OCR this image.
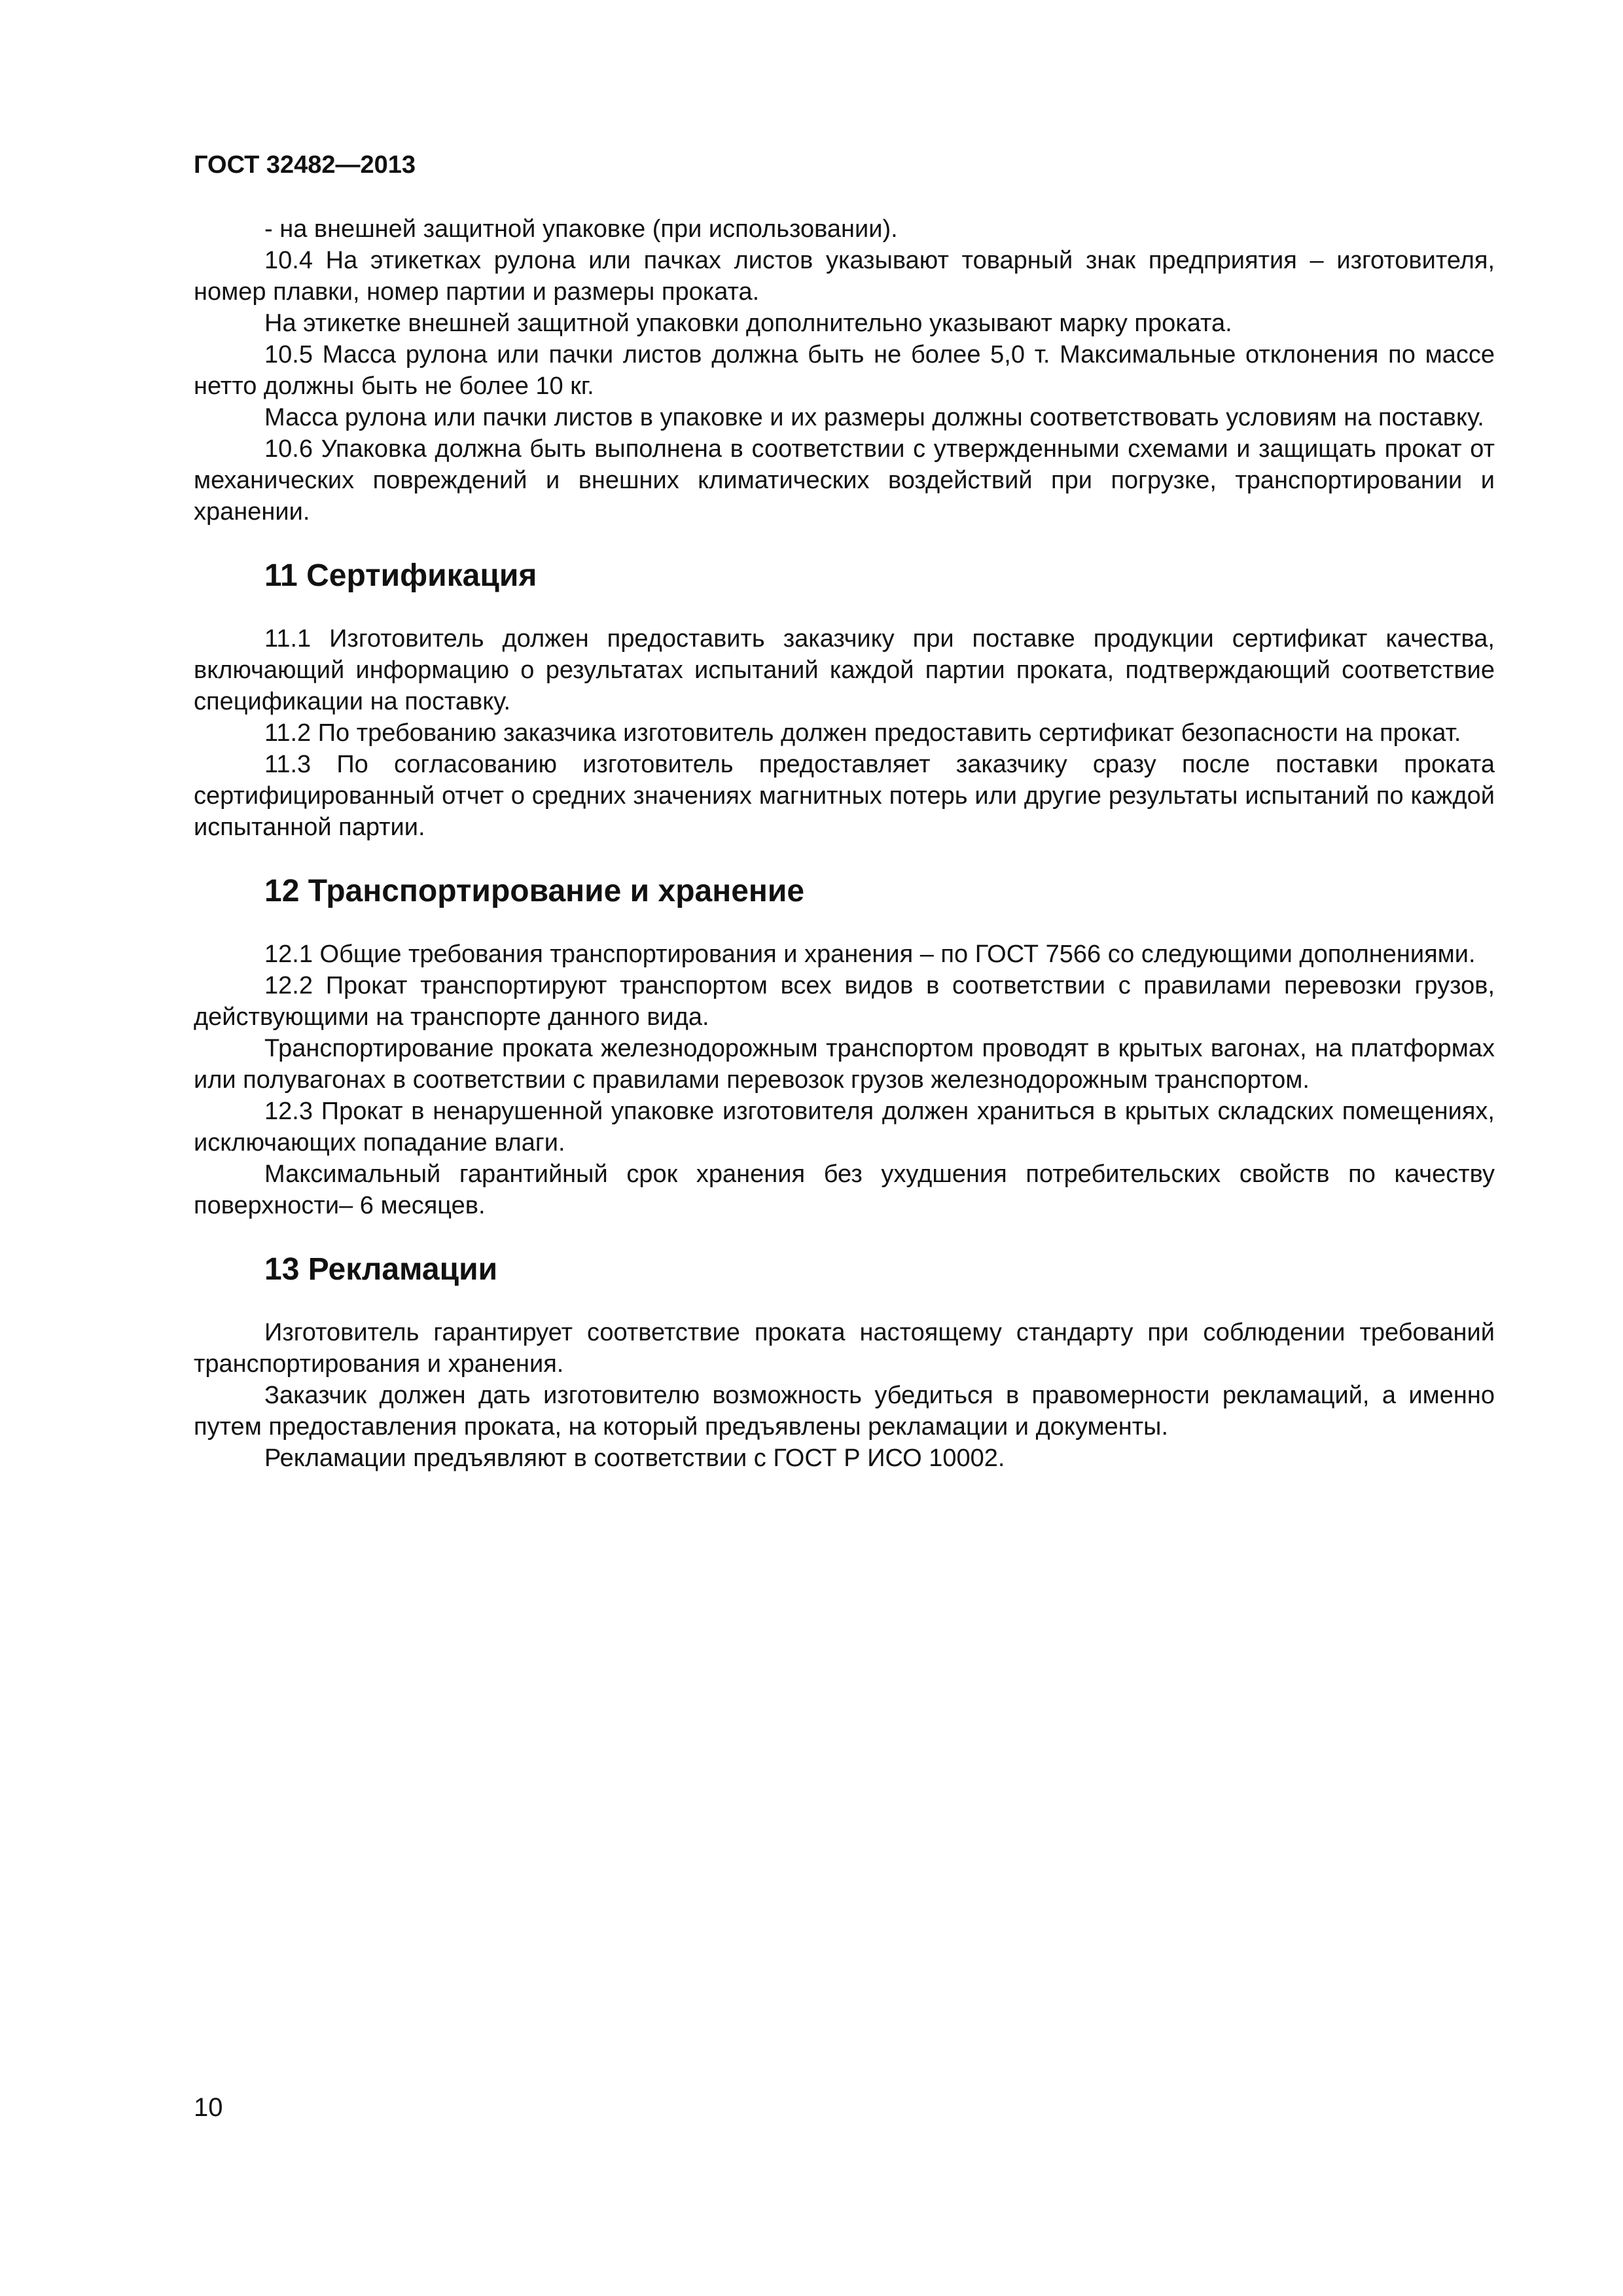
ГОСТ 32482—2013

- на внешней защитной упаковке (при использовании).

10.4 На этикетках рулона или пачках листов указывают товарный знак предприятия – изготовителя, номер плавки, номер партии и размеры проката.

На этикетке внешней защитной упаковки дополнительно указывают марку проката.

10.5 Масса рулона или пачки листов должна быть не более 5,0 т. Максимальные отклонения по массе нетто должны быть не более 10 кг.

Масса рулона или пачки листов в упаковке и их размеры должны соответствовать условиям на поставку.

10.6 Упаковка должна быть выполнена в соответствии с утвержденными схемами и защищать прокат от механических повреждений и внешних климатических воздействий при погрузке, транспортировании и хранении.

11 Сертификация

11.1 Изготовитель должен предоставить заказчику при поставке продукции сертификат качества, включающий информацию о результатах испытаний каждой партии проката, подтверждающий соответствие спецификации на поставку.

11.2 По требованию заказчика изготовитель должен предоставить сертификат безопасности на прокат.

11.3 По согласованию изготовитель предоставляет заказчику сразу после поставки проката сертифицированный отчет о средних значениях магнитных потерь или другие результаты испытаний по каждой испытанной партии.

12 Транспортирование и хранение

12.1 Общие требования транспортирования и хранения – по ГОСТ 7566 со следующими дополнениями.

12.2 Прокат транспортируют транспортом всех видов в соответствии с правилами перевозки грузов, действующими на транспорте данного вида.

Транспортирование проката железнодорожным транспортом проводят в крытых вагонах, на платформах или полувагонах в соответствии с правилами перевозок грузов железнодорожным транспортом.

12.3 Прокат в ненарушенной упаковке изготовителя должен храниться в крытых складских помещениях, исключающих попадание влаги.

Максимальный гарантийный срок хранения без ухудшения потребительских свойств по качеству поверхности– 6 месяцев.

13 Рекламации

Изготовитель гарантирует соответствие проката настоящему стандарту при соблюдении требований транспортирования и хранения.

Заказчик должен дать изготовителю возможность убедиться в правомерности рекламаций, а именно путем предоставления проката, на который предъявлены рекламации и документы.

Рекламации предъявляют в соответствии с ГОСТ Р ИСО 10002.

10
